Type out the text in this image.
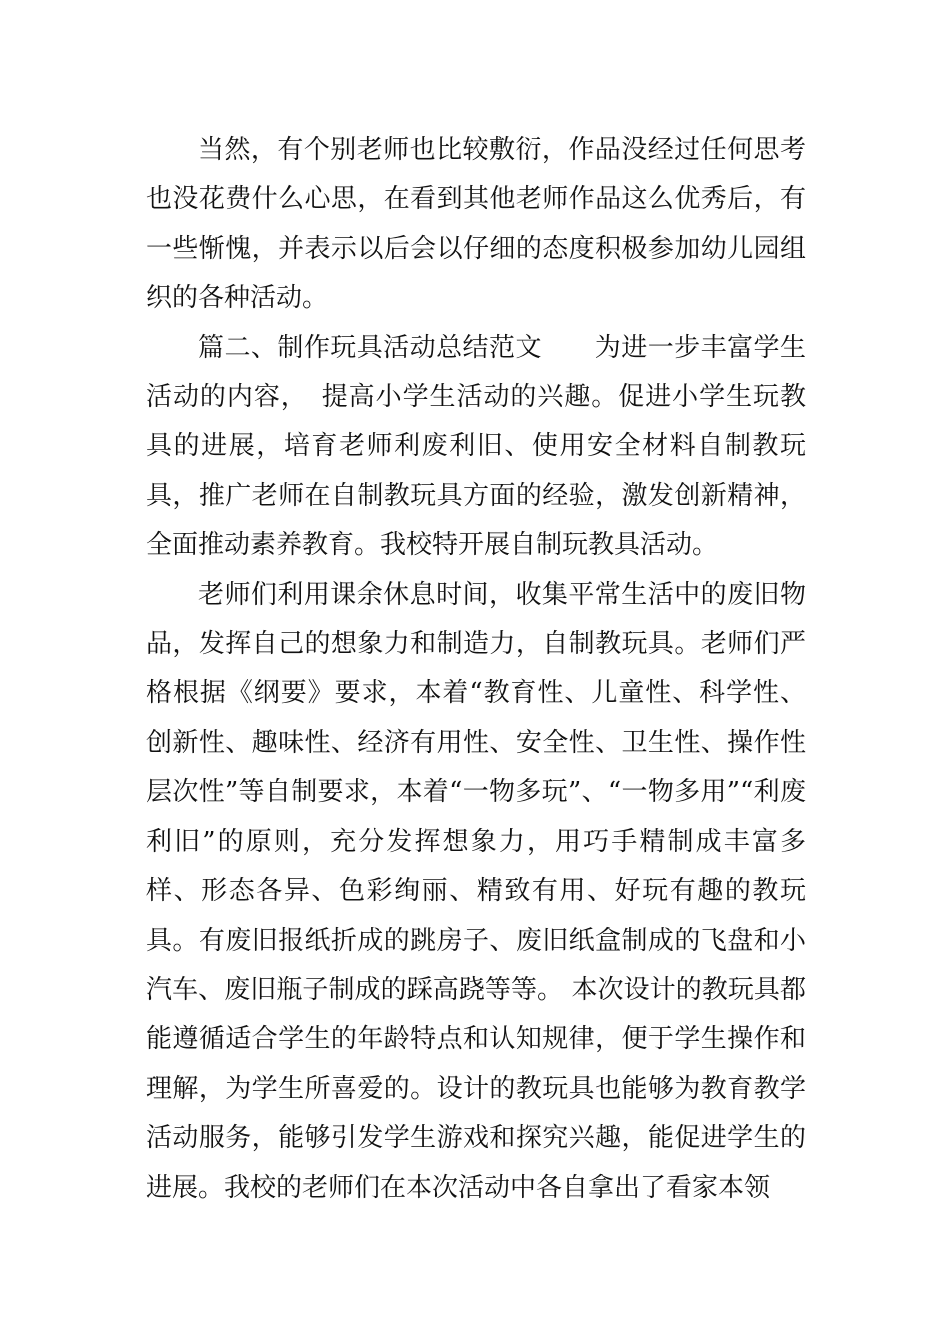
当然，有个别老师也比较敷衍，作品没经过任何思考也没花费什么心思，在看到其他老师作品这么优秀后，有一些惭愧，并表示以后会以仔细的态度积极参加幼儿园组织的各种活动。

篇二、制作玩具活动总结范文　　为进一步丰富学生活动的内容，　提高小学生活动的兴趣。促进小学生玩教具的进展，培育老师利废利旧、使用安全材料自制教玩具，推广老师在自制教玩具方面的经验，激发创新精神，全面推动素养教育。我校特开展自制玩教具活动。

老师们利用课余休息时间，收集平常生活中的废旧物品，发挥自己的想象力和制造力，自制教玩具。老师们严格根据《纲要》要求，本着“教育性、儿童性、科学性、创新性、趣味性、经济有用性、安全性、卫生性、操作性层次性”等自制要求，本着“一物多玩”、“一物多用”“利废利旧”的原则，充分发挥想象力，用巧手精制成丰富多样、形态各异、色彩绚丽、精致有用、好玩有趣的教玩具。有废旧报纸折成的跳房子、废旧纸盒制成的飞盘和小汽车、废旧瓶子制成的踩高跷等等。 本次设计的教玩具都能遵循适合学生的年龄特点和认知规律，便于学生操作和理解，为学生所喜爱的。设计的教玩具也能够为教育教学活动服务，能够引发学生游戏和探究兴趣，能促进学生的进展。我校的老师们在本次活动中各自拿出了看家本领
